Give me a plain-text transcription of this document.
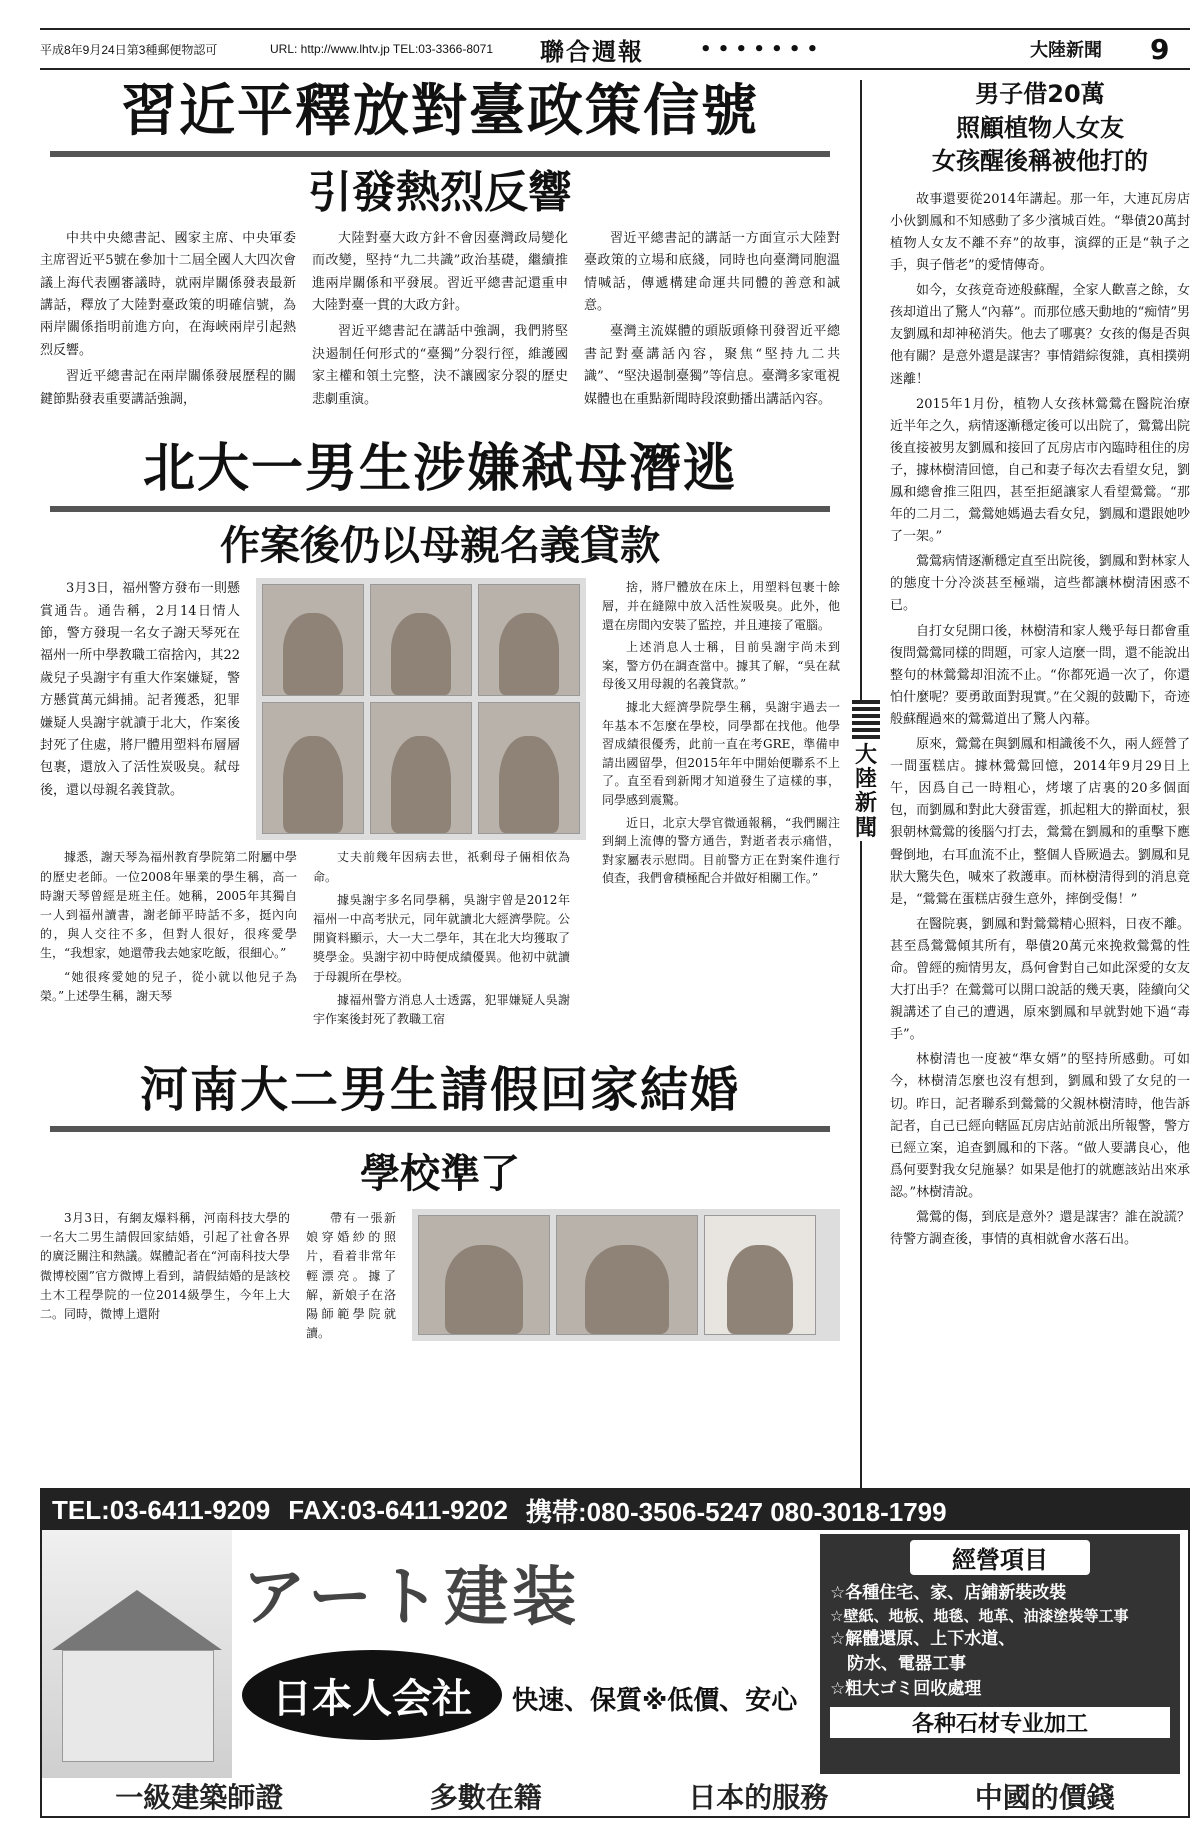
平成8年9月24日第3種郵便物認可	URL: http://www.lhtv.jp TEL:03-3366-8071	聯合週報	• • • • • • •	大陸新聞	9
習近平釋放對臺政策信號
引發熱烈反響

中共中央總書記、國家主席、中央軍委主席習近平5號在參加十二屆全國人大四次會議上海代表團審議時，就兩岸關係發表最新講話，釋放了大陸對臺政策的明確信號，為兩岸關係指明前進方向，在海峽兩岸引起熱烈反響。

習近平總書記在兩岸關係發展歷程的關鍵節點發表重要講話強調，

大陸對臺大政方針不會因臺灣政局變化而改變，堅持“九二共識”政治基礎，繼續推進兩岸關係和平發展。習近平總書記還重申大陸對臺一貫的大政方針。

習近平總書記在講話中強調，我們將堅決遏制任何形式的“臺獨”分裂行徑，維護國家主權和領土完整，決不讓國家分裂的歷史悲劇重演。

習近平總書記的講話一方面宣示大陸對臺政策的立場和底綫，同時也向臺灣同胞溫情喊話，傳遞構建命運共同體的善意和誠意。

臺灣主流媒體的頭版頭條刊發習近平總書記對臺講話內容，聚焦“堅持九二共識”、“堅決遏制臺獨”等信息。臺灣多家電視媒體也在重點新聞時段滾動播出講話內容。

北大一男生涉嫌弒母潛逃
作案後仍以母親名義貸款

3月3日，福州警方發布一則懸賞通告。通告稱，2月14日情人節，警方發現一名女子謝天琴死在福州一所中學教職工宿捨內，其22歲兒子吳謝宇有重大作案嫌疑，警方懸賞萬元緝捕。記者獲悉，犯罪嫌疑人吳謝宇就讀于北大，作案後封死了住處，將尸體用塑料布層層包裹，還放入了活性炭吸臭。弒母後，還以母親名義貸款。

捨，將尸體放在床上，用塑料包裹十餘層，并在縫隙中放入活性炭吸臭。此外，他還在房間內安裝了監控，并且連接了電腦。

上述消息人士稱，目前吳謝宇尚未到案，警方仍在調查當中。據其了解，“吳在弒母後又用母親的名義貸款。”

據北大經濟學院學生稱，吳謝宇過去一年基本不怎麼在學校，同學都在找他。他學習成績很優秀，此前一直在考GRE，準備申請出國留學，但2015年年中開始便聯系不上了。直至看到新聞才知道發生了這樣的事，同學感到震驚。

近日，北京大學官微通報稱，“我們關注到網上流傳的警方通告，對逝者表示痛惜，對家屬表示慰問。目前警方正在對案件進行偵查，我們會積極配合并做好相關工作。”

據悉，謝天琴為福州教育學院第二附屬中學的歷史老師。一位2008年畢業的學生稱，高一時謝天琴曾經是班主任。她稱，2005年其獨自一人到福州讀書，謝老師平時話不多，挺內向的，與人交往不多，但對人很好，很疼愛學生，“我想家，她還帶我去她家吃飯，很細心。”

“她很疼愛她的兒子，從小就以他兒子為榮。”上述學生稱，謝天琴

丈夫前幾年因病去世，祇剩母子倆相依為命。

據吳謝宇多名同學稱，吳謝宇曾是2012年福州一中高考狀元，同年就讀北大經濟學院。公開資料顯示，大一大二學年，其在北大均獲取了獎學金。吳謝宇初中時便成績優異。他初中就讀于母親所在學校。

據福州警方消息人士透露，犯罪嫌疑人吳謝宇作案後封死了教職工宿

河南大二男生請假回家結婚
學校準了

3月3日，有網友爆料稱，河南科技大學的一名大二男生請假回家結婚，引起了社會各界的廣泛關注和熱議。媒體記者在“河南科技大學微博校園”官方微博上看到，請假結婚的是該校土木工程學院的一位2014級學生，今年上大二。同時，微博上還附

帶有一張新娘穿婚紗的照片，看着非常年輕漂亮。據了解，新娘子在洛陽師範學院就讀。

大陸新聞
男子借20萬
照顧植物人女友
女孩醒後稱被他打的

故事還要從2014年講起。那一年，大連瓦房店小伙劉鳳和不知感動了多少濱城百姓。“舉債20萬封植物人女友不離不弃”的故事，演繹的正是“執子之手，與子偕老”的愛情傳奇。

如今，女孩竟奇迹般蘇醒，全家人歡喜之餘，女孩却道出了驚人“內幕”。而那位感天動地的“痴情”男友劉鳳和却神秘消失。他去了哪裏？女孩的傷是否與他有關？是意外還是謀害？事情錯綜復雜，真相撲朔迷離！

2015年1月份，植物人女孩林鶯鶯在醫院治療近半年之久，病情逐漸穩定後可以出院了，鶯鶯出院後直接被男友劉鳳和接回了瓦房店市內臨時租住的房子，據林樹清回憶，自己和妻子每次去看望女兒，劉鳳和總會推三阻四，甚至拒絕讓家人看望鶯鶯。“那年的二月二，鶯鶯她媽過去看女兒，劉鳳和還跟她吵了一架。”

鶯鶯病情逐漸穩定直至出院後，劉鳳和對林家人的態度十分冷淡甚至極端，這些都讓林樹清困惑不已。

自打女兒開口後，林樹清和家人幾乎每日都會重復問鶯鶯同樣的問題，可家人這麼一問，還不能說出整句的林鶯鶯却泪流不止。“你都死過一次了，你還怕什麼呢？要勇敢面對現實。”在父親的鼓勵下，奇迹般蘇醒過來的鶯鶯道出了驚人內幕。

原來，鶯鶯在與劉鳳和相識後不久，兩人經營了一間蛋糕店。據林鶯鶯回憶，2014年9月29日上午，因爲自己一時粗心，烤壞了店裏的20多個面包，而劉鳳和對此大發雷霆，抓起粗大的擀面杖，狠狠朝林鶯鶯的後腦勺打去，鶯鶯在劉鳳和的重擊下應聲倒地，右耳血流不止，整個人昏厥過去。劉鳳和見狀大驚失色，喊來了救護車。而林樹清得到的消息竟是，“鶯鶯在蛋糕店發生意外，摔倒受傷！”

在醫院裏，劉鳳和對鶯鶯精心照料，日夜不離。甚至爲鶯鶯傾其所有，舉債20萬元來挽救鶯鶯的性命。曾經的痴情男友，爲何會對自己如此深愛的女友大打出手？在鶯鶯可以開口說話的幾天裏，陸續向父親講述了自己的遭遇，原來劉鳳和早就對她下過“毒手”。

林樹清也一度被“準女婿”的堅持所感動。可如今，林樹清怎麼也沒有想到，劉鳳和毀了女兒的一切。昨日，記者聯系到鶯鶯的父親林樹清時，他告訴記者，自己已經向轄區瓦房店站前派出所報警，警方已經立案，追查劉鳳和的下落。“做人要講良心，他爲何要對我女兒施暴？如果是他打的就應該站出來承認。”林樹清說。

鶯鶯的傷，到底是意外？還是謀害？誰在說謊？待警方調查後，事情的真相就會水落石出。

TEL:03-6411-9209 FAX:03-6411-9202 携帯:080-3506-5247 080-3018-1799
アート建装
日本人会社	快速、保質※低價、安心
經營項目
☆各種住宅、家、店鋪新裝改裝
☆壁紙、地板、地毯、地革、油漆塗裝等工事
☆解體還原、上下水道、
　防水、電器工事
☆粗大ゴミ回收處理
各种石材专业加工
一級建築師證	多數在籍	日本的服務	中國的價錢
